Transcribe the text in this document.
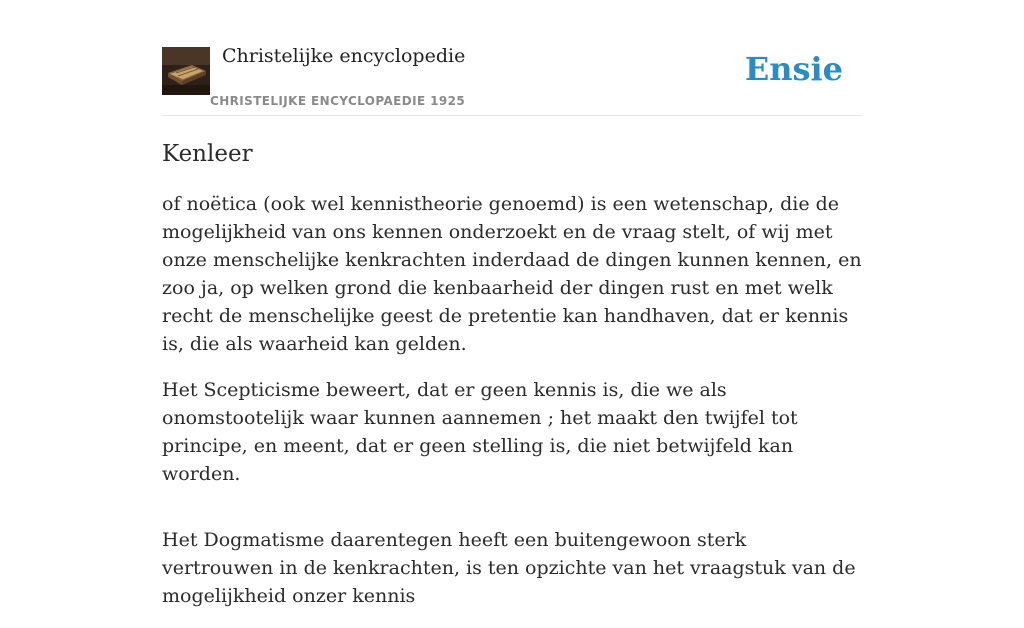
Christelijke encyclopedie
CHRISTELIJKE ENCYCLOPAEDIE 1925
Ensie
Kenleer

of noëtica (ook wel kennistheorie genoemd) is een wetenschap, die de mogelijkheid van ons kennen onderzoekt en de vraag stelt, of wij met onze menschelijke kenkrachten inderdaad de dingen kunnen kennen, en zoo ja, op welken grond die kenbaarheid der dingen rust en met welk recht de menschelijke geest de pretentie kan handhaven, dat er kennis is, die als waarheid kan gelden.

Het Scepticisme beweert, dat er geen kennis is, die we als onomstootelijk waar kunnen aannemen ; het maakt den twijfel tot principe, en meent, dat er geen stelling is, die niet betwijfeld kan worden.

Het Dogmatisme daarentegen heeft een buitengewoon sterk vertrouwen in de kenkrachten, is ten opzichte van het vraagstuk van de mogelijkheid onzer kennis
